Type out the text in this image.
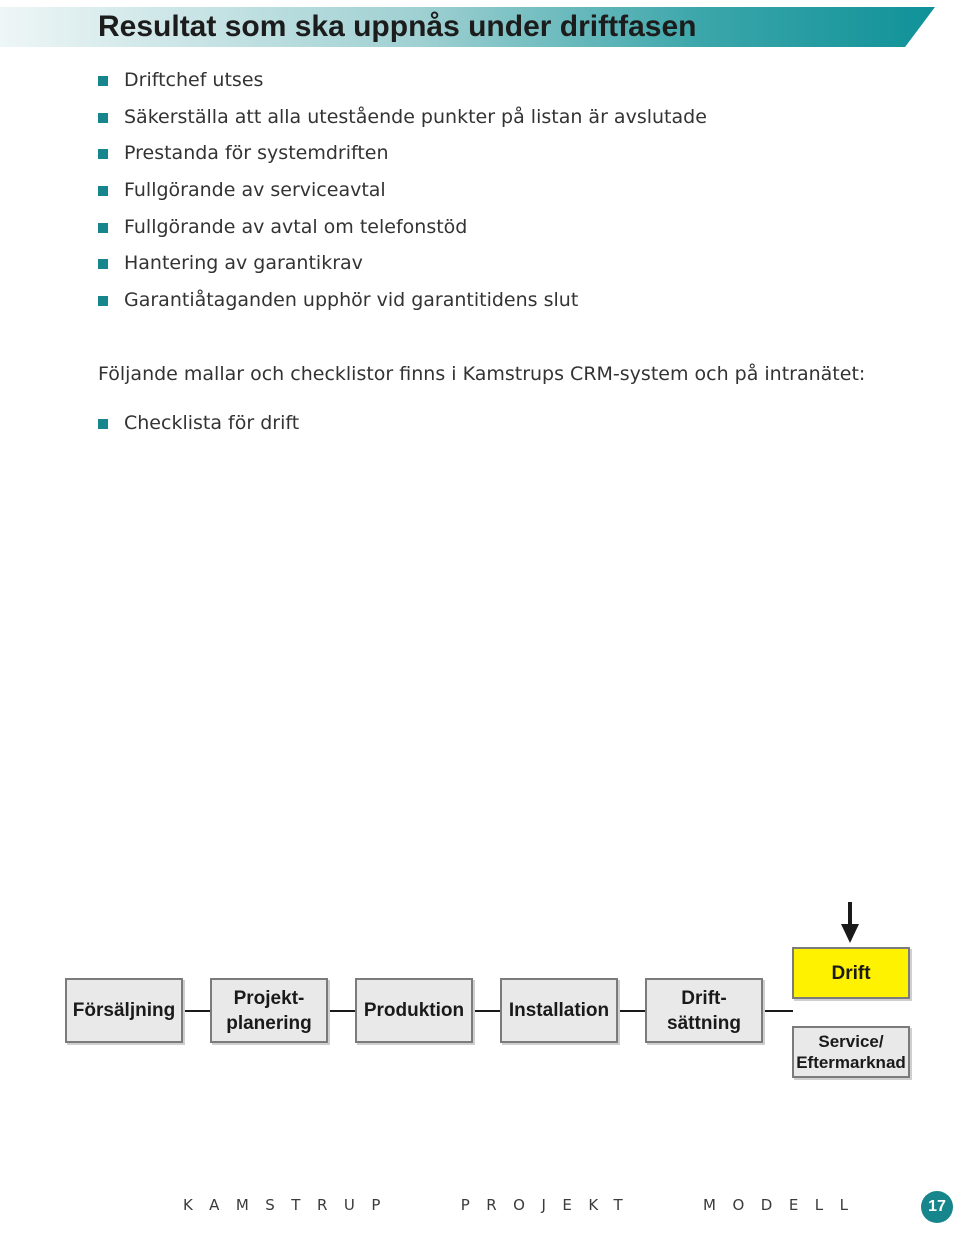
Resultat som ska uppnås under driftfasen
Driftchef utses
Säkerställa att alla utestående punkter på listan är avslutade
Prestanda för systemdriften
Fullgörande av serviceavtal
Fullgörande av avtal om telefonstöd
Hantering av garantikrav
Garantiåtaganden upphör vid garantitidens slut

Följande mallar och checklistor finns i Kamstrups CRM-system och på intranätet:

Checklista för drift
Försäljning
Projekt-
planering
Produktion	Installation
Drift-
sättning
Drift
Service/
Eftermarknad
KAMSTRUP   PROJEKT   MODELL	17
